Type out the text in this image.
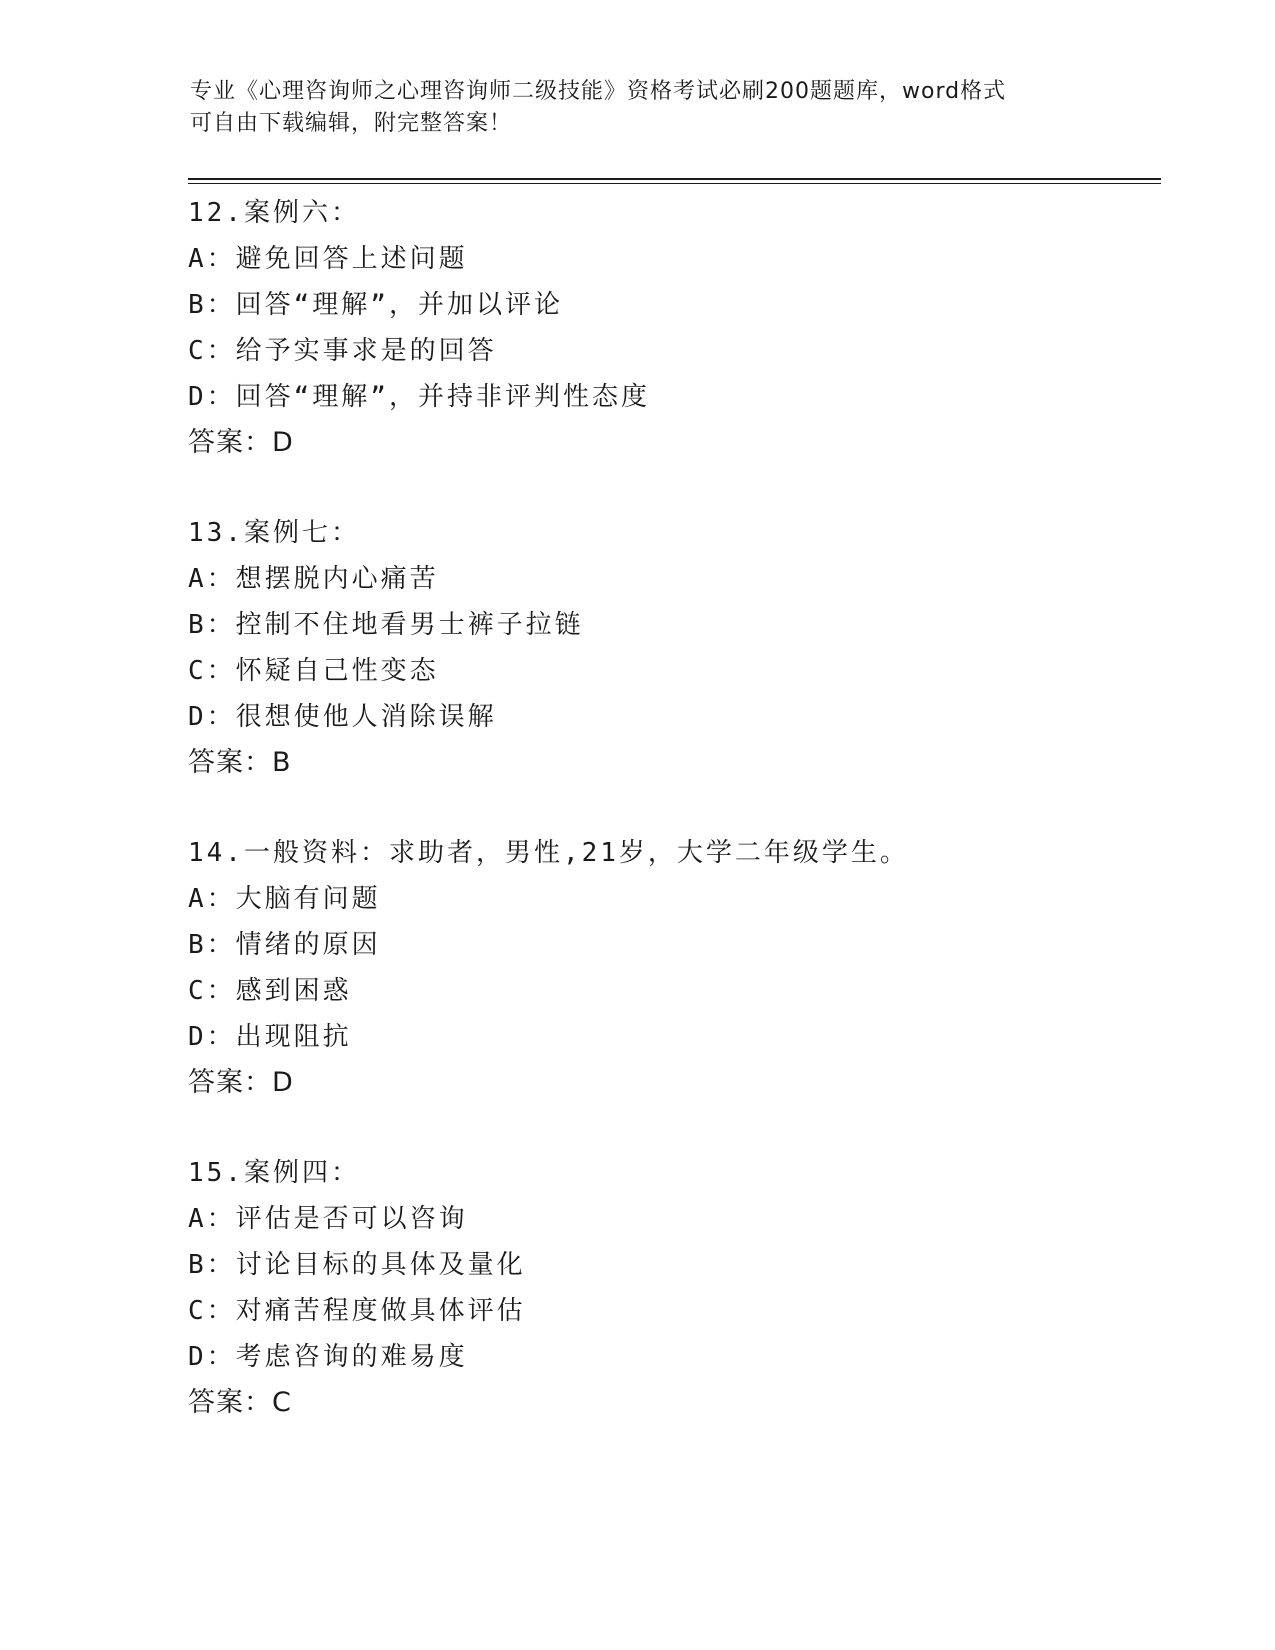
专业《心理咨询师之心理咨询师二级技能》资格考试必刷200题题库，word格式
可自由下载编辑，附完整答案！
12.案例六：
A：避免回答上述问题
B：回答“理解”，并加以评论
C：给予实事求是的回答
D：回答“理解”，并持非评判性态度
答案：D
13.案例七：
A：想摆脱内心痛苦
B：控制不住地看男士裤子拉链
C：怀疑自己性变态
D：很想使他人消除误解
答案：B
14.一般资料：求助者，男性,21岁，大学二年级学生。
A：大脑有问题
B：情绪的原因
C：感到困惑
D：出现阻抗
答案：D
15.案例四：
A：评估是否可以咨询
B：讨论目标的具体及量化
C：对痛苦程度做具体评估
D：考虑咨询的难易度
答案：C
